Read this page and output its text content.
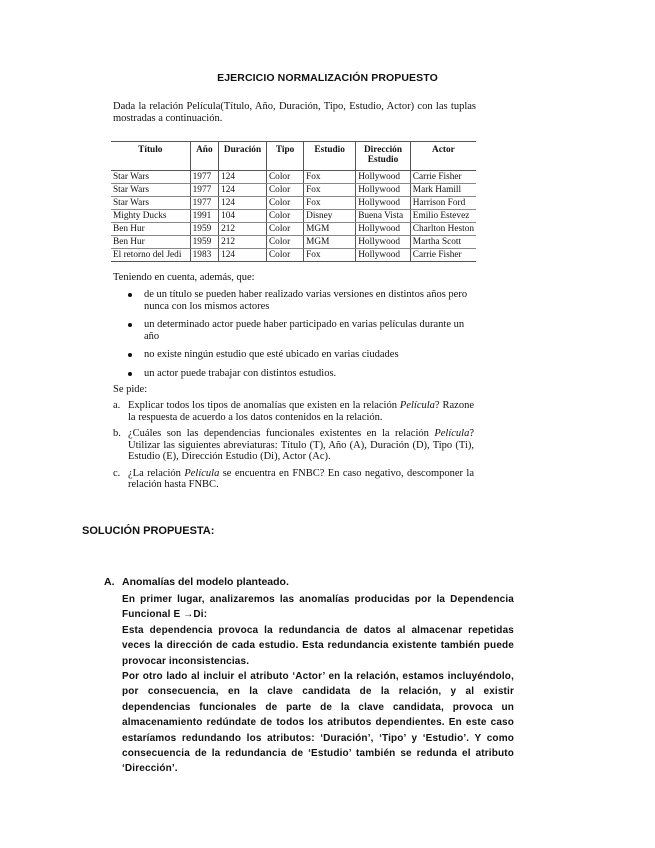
EJERCICIO NORMALIZACIÓN PROPUESTO
Dada la relación Película(Título, Año, Duración, Tipo, Estudio, Actor) con las tuplas mostradas a continuación.
Título	Año	Duración	Tipo	Estudio	Dirección Estudio	Actor
Star Wars	1977	124	Color	Fox	Hollywood	Carrie Fisher
Star Wars	1977	124	Color	Fox	Hollywood	Mark Hamill
Star Wars	1977	124	Color	Fox	Hollywood	Harrison Ford
Mighty Ducks	1991	104	Color	Disney	Buena Vista	Emilio Estevez
Ben Hur	1959	212	Color	MGM	Hollywood	Charlton Heston
Ben Hur	1959	212	Color	MGM	Hollywood	Martha Scott
El retorno del Jedi	1983	124	Color	Fox	Hollywood	Carrie Fisher
Teniendo en cuenta, además, que:
de un título se pueden haber realizado varias versiones en distintos años pero nunca con los mismos actores
un determinado actor puede haber participado en varias películas durante un año
no existe ningún estudio que esté ubicado en varias ciudades
un actor puede trabajar con distintos estudios.
Se pide:
a. Explicar todos los tipos de anomalías que existen en la relación Película? Razone la respuesta de acuerdo a los datos contenidos en la relación.
b. ¿Cuáles son las dependencias funcionales existentes en la relación Película? Utilizar las siguientes abreviaturas: Título (T), Año (A), Duración (D), Tipo (Ti), Estudio (E), Dirección Estudio (Di), Actor (Ac).
c. ¿La relación Película se encuentra en FNBC? En caso negativo, descomponer la relación hasta FNBC.
SOLUCIÓN PROPUESTA:
A. Anomalías del modelo planteado.

En primer lugar, analizaremos las anomalías producidas por la Dependencia Funcional E →Di:

Esta dependencia provoca la redundancia de datos al almacenar repetidas veces la dirección de cada estudio. Esta redundancia existente también puede provocar inconsistencias.

Por otro lado al incluir el atributo ‘Actor’ en la relación, estamos incluyéndolo, por consecuencia, en la clave candidata de la relación, y al existir dependencias funcionales de parte de la clave candidata, provoca un almacenamiento redúndate de todos los atributos dependientes. En este caso estaríamos redundando los atributos: ‘Duración’, ‘Tipo’ y ‘Estudio’. Y como consecuencia de la redundancia de ‘Estudio’ también se redunda el atributo ‘Dirección’.
